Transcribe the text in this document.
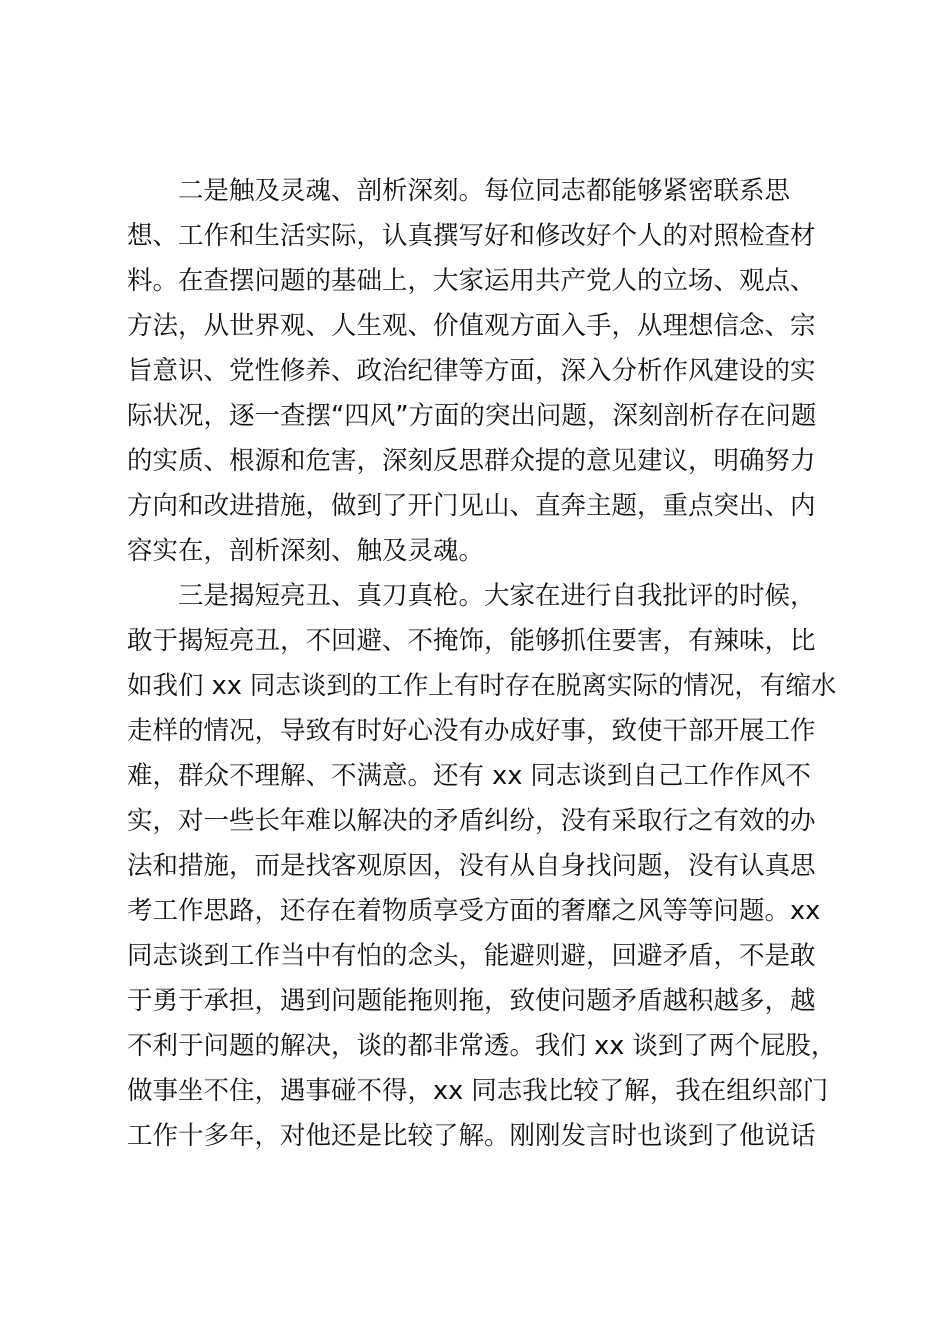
二是触及灵魂、剖析深刻。每位同志都能够紧密联系思
想、工作和生活实际，认真撰写好和修改好个人的对照检查材
料。在查摆问题的基础上，大家运用共产党人的立场、观点、
方法，从世界观、人生观、价值观方面入手，从理想信念、宗
旨意识、党性修养、政治纪律等方面，深入分析作风建设的实
际状况，逐一查摆“四风”方面的突出问题，深刻剖析存在问题
的实质、根源和危害，深刻反思群众提的意见建议，明确努力
方向和改进措施，做到了开门见山、直奔主题，重点突出、内
容实在，剖析深刻、触及灵魂。
三是揭短亮丑、真刀真枪。大家在进行自我批评的时候，
敢于揭短亮丑，不回避、不掩饰，能够抓住要害，有辣味，比
如我们 xx 同志谈到的工作上有时存在脱离实际的情况，有缩水
走样的情况，导致有时好心没有办成好事，致使干部开展工作
难，群众不理解、不满意。还有 xx 同志谈到自己工作作风不
实，对一些长年难以解决的矛盾纠纷，没有采取行之有效的办
法和措施，而是找客观原因，没有从自身找问题，没有认真思
考工作思路，还存在着物质享受方面的奢靡之风等等问题。xx
同志谈到工作当中有怕的念头，能避则避，回避矛盾，不是敢
于勇于承担，遇到问题能拖则拖，致使问题矛盾越积越多，越
不利于问题的解决，谈的都非常透。我们 xx 谈到了两个屁股，
做事坐不住，遇事碰不得，xx 同志我比较了解，我在组织部门
工作十多年，对他还是比较了解。刚刚发言时也谈到了他说话
